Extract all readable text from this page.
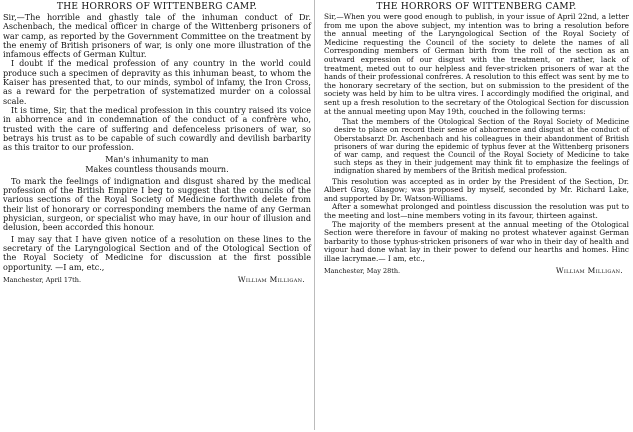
THE HORRORS OF WITTENBERG CAMP.

Sir,—The horrible and ghastly tale of the inhuman conduct of Dr. Aschenbach, the medical officer in charge of the Wittenberg prisoners of war camp, as reported by the Government Committee on the treatment by the enemy of British prisoners of war, is only one more illustration of the infamous effects of German Kultur.

I doubt if the medical profession of any country in the world could produce such a specimen of depravity as this inhuman beast, to whom the Kaiser has presented that, to our minds, symbol of infamy, the Iron Cross, as a reward for the perpetration of systematized murder on a colossal scale.

It is time, Sir, that the medical profession in this country raised its voice in abhorrence and in condemnation of the conduct of a confrère who, trusted with the care of suffering and defenceless prisoners of war, so betrays his trust as to be capable of such cowardly and devilish barbarity as this traitor to our profession.

Man's inhumanity to man
Makes countless thousands mourn.

To mark the feelings of indignation and disgust shared by the medical profession of the British Empire I beg to suggest that the councils of the various sections of the Royal Society of Medicine forthwith delete from their list of honorary or corresponding members the name of any German physician, surgeon, or specialist who may have, in our hour of illusion and delusion, been accorded this honour.

I may say that I have given notice of a resolution on these lines to the secretary of the Laryngological Section and of the Otological Section of the Royal Society of Medicine for discussion at the first possible opportunity. —I am, etc.,

Manchester, April 17th.	William Milligan.
THE HORRORS OF WITTENBERG CAMP.

Sir,—When you were good enough to publish, in your issue of April 22nd, a letter from me upon the above subject, my intention was to bring a resolution before the annual meeting of the Laryngological Section of the Royal Society of Medicine requesting the Council of the society to delete the names of all Corresponding members of German birth from the roll of the section as an outward expression of our disgust with the treatment, or rather, lack of treatment, meted out to our helpless and fever-stricken prisoners of war at the hands of their professional confrères. A resolution to this effect was sent by me to the honorary secretary of the section, but on submission to the president of the society was held by him to be ultra vires. I accordingly modified the original, and sent up a fresh resolution to the secretary of the Otological Section for discussion at the annual meeting upon May 19th, couched in the following terms:

That the members of the Otological Section of the Royal Society of Medicine desire to place on record their sense of abhorrence and disgust at the conduct of Oberstabsarzt Dr. Aschenbach and his colleagues in their abandonment of British prisoners of war during the epidemic of typhus fever at the Wittenberg prisoners of war camp, and request the Council of the Royal Society of Medicine to take such steps as they in their judgement may think fit to emphasize the feelings of indignation shared by members of the British medical profession.

This resolution was accepted as in order by the President of the Section, Dr. Albert Gray, Glasgow; was proposed by myself, seconded by Mr. Richard Lake, and supported by Dr. Watson-Williams.

After a somewhat prolonged and pointless discussion the resolution was put to the meeting and lost—nine members voting in its favour, thirteen against.

The majority of the members present at the annual meeting of the Otological Section were therefore in favour of making no protest whatever against German barbarity to those typhus-stricken prisoners of war who in their day of health and vigour had done what lay in their power to defend our hearths and homes. Hinc illae lacrymae.— I am, etc.,

Manchester, May 28th.	William Milligan.
